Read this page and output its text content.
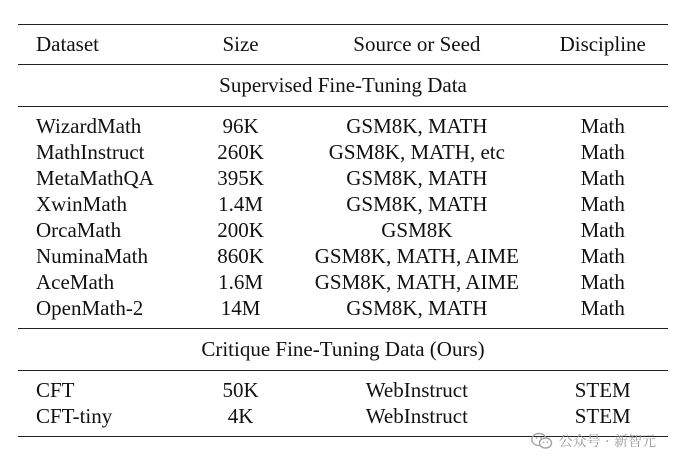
Dataset	Size	Source or Seed	Discipline
Supervised Fine-Tuning Data			
WizardMath	96K	GSM8K, MATH	Math
MathInstruct	260K	GSM8K, MATH, etc	Math
MetaMathQA	395K	GSM8K, MATH	Math
XwinMath	1.4M	GSM8K, MATH	Math
OrcaMath	200K	GSM8K	Math
NuminaMath	860K	GSM8K, MATH, AIME	Math
AceMath	1.6M	GSM8K, MATH, AIME	Math
OpenMath-2	14M	GSM8K, MATH	Math
Critique Fine-Tuning Data (Ours)			
CFT	50K	WebInstruct	STEM
CFT-tiny	4K	WebInstruct	STEM
公众号 · 新智元
